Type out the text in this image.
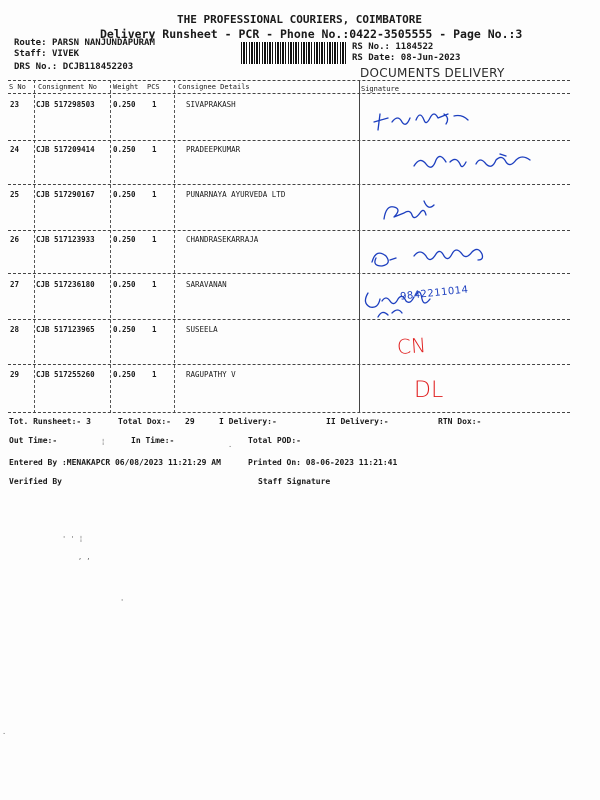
THE PROFESSIONAL COURIERS, COIMBATORE
Delivery Runsheet - PCR - Phone No.:0422-3505555 - Page No.:3
Route: PARSN NANJUNDAPURAM
Staff: VIVEK
DRS No.: DCJB118452203
RS No.: 1184522
RS Date: 08-Jun-2023
DOCUMENTS DELIVERY
S No Consignment No Weight PCS	Consignee Details	Signature
23 CJB 517298503 0.250 1	SIVAPRAKASH
24 CJB 517209414 0.250 1	PRADEEPKUMAR
25 CJB 517290167 0.250 1	PUNARNAYA AYURVEDA LTD
26 CJB 517123933 0.250 1	CHANDRASEKARRAJA
27 CJB 517236180 0.250 1	SARAVANAN
28 CJB 517123965 0.250 1	SUSEELA
29 CJB 517255260 0.250 1	RAGUPATHY V
9842211014
CN
DL
Tot. Runsheet:- 3	Total Dox:- 29	I Delivery:-	II Delivery:-	RTN Dox:-
Out Time:-	In Time:-	Total POD:-
Entered By :MENAKAPCR 06/08/2023 11:21:29 AM	Printed On: 08-06-2023 11:21:41
Verified By	Staff Signature
¦	.
' ' ¦
, ,
'
.
